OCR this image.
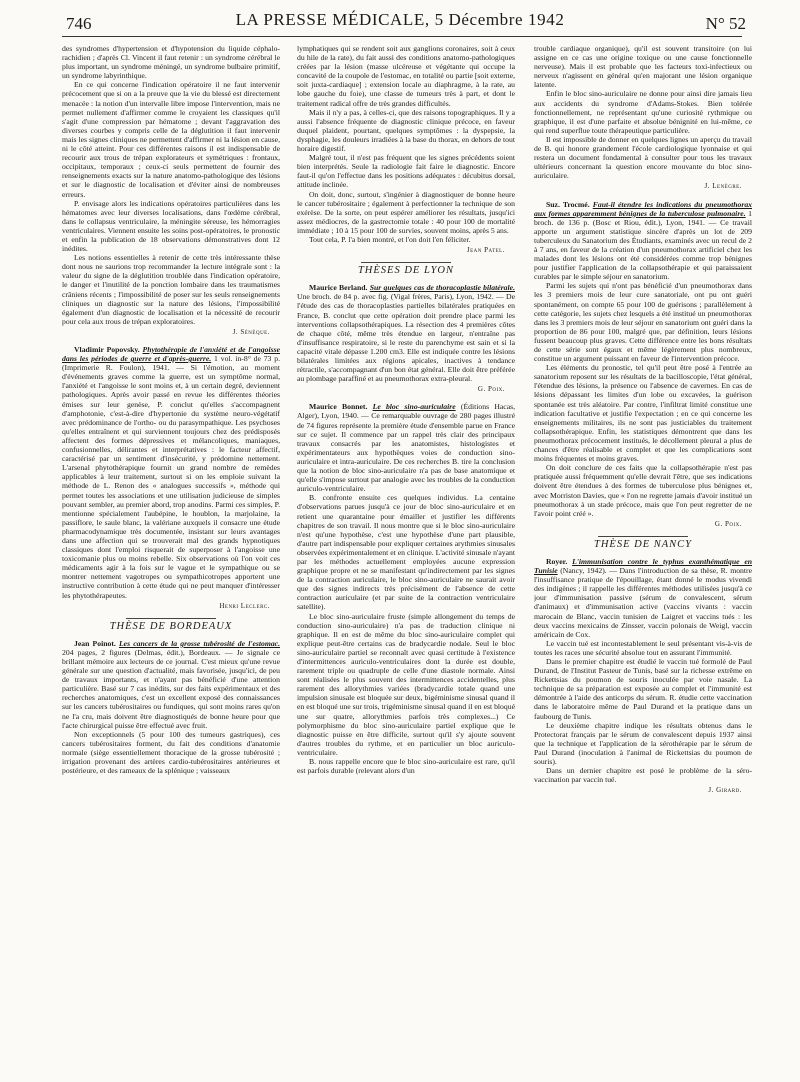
746	LA PRESSE MÉDICALE, 5 Décembre 1942	N° 52

des syndromes d'hypertension et d'hypotension du liquide céphalo-rachidien ; d'après Cl. Vincent il faut retenir : un syndrome cérébral le plus important, un syndrome méningé, un syndrome bulbaire primitif, un syndrome labyrinthique.

En ce qui concerne l'indication opératoire il ne faut intervenir précocement que si on a la preuve que la vie du blessé est directement menacée : la notion d'un intervalle libre impose l'intervention, mais ne permet nullement d'affirmer comme le croyaient les classiques qu'il s'agit d'une compression par hématome ; devant l'aggravation des diverses courbes y compris celle de la déglutition il faut intervenir mais les signes cliniques ne permettent d'affirmer ni la lésion en cause, ni le côté atteint. Pour ces différentes raisons il est indispensable de recourir aux trous de trépan explorateurs et symétriques : frontaux, occipitaux, temporaux ; ceux-ci seuls permettent de fournir des renseignements exacts sur la nature anatomo-pathologique des lésions et sur le diagnostic de localisation et d'éviter ainsi de nombreuses erreurs.

P. envisage alors les indications opératoires particulières dans les hématomes avec leur diverses localisations, dans l'œdème cérébral, dans le collapsus ventriculaire, la méningite séreuse, les hémorragies ventriculaires. Viennent ensuite les soins post-opératoires, le pronostic et enfin la publication de 18 observations démonstratives dont 12 inédites.

Les notions essentielles à retenir de cette très intéressante thèse dont nous ne saurions trop recommander la lecture intégrale sont : la valeur du signe de la déglutition troublée dans l'indication opératoire, le danger et l'inutilité de la ponction lombaire dans les traumatismes crâniens récents ; l'impossibilité de poser sur les seuls renseignements cliniques un diagnostic sur la nature des lésions, l'impossibilité également d'un diagnostic de localisation et la nécessité de recourir pour cela aux trous de trépan exploratoires.

J. Sénèque.

Vladimir Popovsky. Phytothérapie de l'anxiété et de l'angoisse dans les périodes de guerre et d'après-guerre. 1 vol. in-8° de 73 p. (Imprimerie R. Foulon), 1941. — Si l'émotion, au moment d'événements graves comme la guerre, est un symptôme normal, l'anxiété et l'angoisse le sont moins et, à un certain degré, deviennent pathologiques. Après avoir passé en revue les différentes théories émises sur leur genèse, P. conclut qu'elles s'accompagnent d'amphotonie, c'est-à-dire d'hypertonie du système neuro-végétatif avec prédominance de l'ortho- ou du parasympathique. Les psychoses qu'elles entraînent et qui surviennent toujours chez des prédisposés affectent des formes dépressives et mélancoliques, maniaques, confusionnelles, délirantes et interprétatives : le facteur affectif, caractérisé par un sentiment d'insécurité, y prédomine nettement. L'arsenal phytothérapique fournit un grand nombre de remèdes applicables à leur traitement, surtout si on les emploie suivant la méthode de L. Renon des « analogues successifs », méthode qui permet toutes les associations et une utilisation judicieuse de simples pouvant sembler, au premier abord, trop anodins. Parmi ces simples, P. mentionne spécialement l'aubépine, le houblon, la marjolaine, la passiflore, le saule blanc, la valériane auxquels il consacre une étude pharmacodynamique très documentée, insistant sur leurs avantages dans une affection qui se trouverait mal des grands hypnotiques classiques dont l'emploi risquerait de superposer à l'angoisse une toxicomanie plus ou moins rebelle. Six observations où l'on voit ces médicaments agir à la fois sur le vague et le sympathique ou se montrer nettement vagotropes ou sympathicotropes apportent une instructive contribution à cette étude qui ne peut manquer d'intéresser les phytothérapeutes.

Henri Leclerc.
THÈSE DE BORDEAUX

Jean Poinot. Les cancers de la grosse tubérosité de l'estomac. 204 pages, 2 figures (Delmas, édit.), Bordeaux. — Je signale ce brillant mémoire aux lecteurs de ce journal. C'est mieux qu'une revue générale sur une question d'actualité, mais favorisée, jusqu'ici, de peu de travaux importants, et n'ayant pas bénéficié d'une attention particulière. Basé sur 7 cas inédits, sur des faits expérimentaux et des recherches anatomiques, c'est un excellent exposé des connaissances sur les cancers tubérositaires ou fundiques, qui sont moins rares qu'on ne l'a cru, mais doivent être diagnostiqués de bonne heure pour que l'acte chirurgical puisse être effectué avec fruit.

Non exceptionnels (5 pour 100 des tumeurs gastriques), ces cancers tubérositaires forment, du fait des conditions d'anatomie normale (siège essentiellement thoracique de la grosse tubérosité ; irrigation provenant des artères cardio-tubérositaires antérieures et postérieure, et des rameaux de la splénique ; vaisseaux

lymphatiques qui se rendent soit aux ganglions coronaires, soit à ceux du hile de la rate), du fait aussi des conditions anatomo-pathologiques créées par la lésion (masse ulcéreuse et végétante qui occupe la concavité de la coupole de l'estomac, en totalité ou partie [soit externe, soit juxta-cardiaque] ; extension locale au diaphragme, à la rate, au lobe gauche du foie), une classe de tumeurs très à part, et dont le traitement radical offre de très grandes difficultés.

Mais il n'y a pas, à celles-ci, que des raisons topographiques. Il y a aussi l'absence fréquente de diagnostic clinique précoce, en faveur duquel plaident, pourtant, quelques symptômes : la dyspepsie, la dysphagie, les douleurs irradiées à la base du thorax, en dehors de tout horaire digestif.

Malgré tout, il n'est pas fréquent que les signes précédents soient bien interprétés. Seule la radiologie fait faire le diagnostic. Encore faut-il qu'on l'effectue dans les positions adéquates : décubitus dorsal, attitude inclinée.

On doit, donc, surtout, s'ingénier à diagnostiquer de bonne heure le cancer tubérositaire ; également à perfectionner la technique de son exérèse. De la sorte, on peut espérer améliorer les résultats, jusqu'ici assez médiocres, de la gastrectomie totale : 40 pour 100 de mortalité immédiate ; 10 à 15 pour 100 de survies, souvent moins, après 5 ans.

Tout cela, P. l'a bien montré, et l'on doit l'en féliciter.

Jean Patel.
THÈSES DE LYON

Maurice Berland. Sur quelques cas de thoracoplastie bilatérale. Une broch. de 84 p. avec fig. (Vigal frères, Paris), Lyon, 1942. — De l'étude des cas de thoracoplasties partielles bilatérales pratiquées en France, B. conclut que cette opération doit prendre place parmi les interventions collapsothérapiques. La résection des 4 premières côtes de chaque côté, même très étendue en largeur, n'entraîne pas d'insuffisance respiratoire, si le reste du parenchyme est sain et si la capacité vitale dépasse 1.200 cm3. Elle est indiquée contre les lésions bilatérales limitées aux régions apicales, inactives à tendance rétractile, s'accompagnant d'un bon état général. Elle doit être préférée au plombage paraffiné et au pneumothorax extra-pleural.

G. Poix.

Maurice Bonnet. Le bloc sino-auriculaire (Éditions Hacas, Alger), Lyon, 1940. — Ce remarquable ouvrage de 280 pages illustré de 74 figures représente la première étude d'ensemble parue en France sur ce sujet. Il commence par un rappel très clair des principaux travaux consacrés par les anatomistes, histologistes et expérimentateurs aux hypothèques voies de conduction sino-auriculaire et intra-auriculaire. De ces recherches B. tire la conclusion que la notion de bloc sino-auriculaire n'a pas de base anatomique et qu'elle s'impose surtout par analogie avec les troubles de la conduction auriculo-ventriculaire.

B. confronte ensuite ces quelques individus. La centaine d'observations parues jusqu'à ce jour de bloc sino-auriculaire et en retient une quarantaine pour émailler et justifier les différents chapitres de son travail. Il nous montre que si le bloc sino-auriculaire n'est qu'une hypothèse, c'est une hypothèse d'une part plausible, d'autre part indispensable pour expliquer certaines arythmies sinusales observées expérimentalement et en clinique. L'activité sinusale n'ayant par les méthodes actuellement employées aucune expression graphique propre et ne se manifestant qu'indirectement par les signes de la contraction auriculaire, le bloc sino-auriculaire ne saurait avoir que des signes indirects très précisément de l'absence de cette contraction auriculaire (et par suite de la contraction ventriculaire satellite).

Le bloc sino-auriculaire fruste (simple allongement du temps de conduction sino-auriculaire) n'a pas de traduction clinique ni graphique. Il en est de même du bloc sino-auriculaire complet qui explique peut-être certains cas de bradycardie nodale. Seul le bloc sino-auriculaire partiel se reconnaît avec quasi certitude à l'existence d'intermittences auriculo-ventriculaires dont la durée est double, rarement triple ou quadruple de celle d'une diastole normale. Ainsi sont réalisées le plus souvent des intermittences accidentelles, plus rarement des allorythmies variées (bradycardie totale quand une impulsion sinusale est bloquée sur deux, bigéminisme sinusal quand il en est bloqué une sur trois, trigéminisme sinusal quand il en est bloqué une sur quatre, allorythmies parfois très complexes...) Ce polymorphisme du bloc sino-auriculaire partiel explique que le diagnostic puisse en être difficile, surtout qu'il s'y ajoute souvent d'autres troubles du rythme, et en particulier un bloc auriculo-ventriculaire.

B. nous rappelle encore que le bloc sino-auriculaire est rare, qu'il est parfois durable (relevant alors d'un

trouble cardiaque organique), qu'il est souvent transitoire (on lui assigne en ce cas une origine toxique ou une cause fonctionnelle nerveuse). Mais il est probable que les facteurs toxi-infectieux ou nerveux n'agissent en général qu'en majorant une lésion organique latente.

Enfin le bloc sino-auriculaire ne donne pour ainsi dire jamais lieu aux accidents du syndrome d'Adams-Stokes. Bien tolérée fonctionnellement, ne représentant qu'une curiosité rythmique ou graphique, il est d'une parfaite et absolue bénignité en lui-même, ce qui rend superflue toute thérapeutique particulière.

Il est impossible de donner en quelques lignes un aperçu du travail de B. qui honore grandement l'école cardiologique lyonnaise et qui restera un document fondamental à consulter pour tous les travaux ultérieurs concernant la question encore mouvante du bloc sino-auriculaire.

J. Lenègre.

Suz. Trocmé. Faut-il étendre les indications du pneumothorax aux formes apparemment bénignes de la tuberculose pulmonaire. 1 broch. de 136 p. (Bosc et Riou, édit.), Lyon, 1941. — Ce travail apporte un argument statistique sincère d'après un lot de 209 tuberculeux du Sanatorium des Étudiants, examinés avec un recul de 2 à 7 ans, en faveur de la création d'un pneumothorax artificiel chez les malades dont les lésions ont été considérées comme trop bénignes pour justifier l'application de la collapsothérapie et qui paraissaient curables par le simple séjour en sanatorium.

Parmi les sujets qui n'ont pas bénéficié d'un pneumothorax dans les 3 premiers mois de leur cure sanatoriale, ont pu ont guéri spontanément, on compte 65 pour 100 de guérisons ; parallèlement à cette catégorie, les sujets chez lesquels a été institué un pneumothorax dans les 3 premiers mois de leur séjour en sanatorium ont guéri dans la proportion de 86 pour 100, malgré que, par définition, leurs lésions fussent beaucoup plus graves. Cette différence entre les bons résultats de cette série sont égaux et même légèrement plus nombreux, constitue un argument puissant en faveur de l'intervention précoce.

Les éléments du pronostic, tel qu'il peut être posé à l'entrée au sanatorium reposent sur les résultats de la bacilloscopie, l'état général, l'étendue des lésions, la présence ou l'absence de cavernes. En cas de lésions dépassant les limites d'un lobe ou excavées, la guérison spontanée est très aléatoire. Par contre, l'infiltrat limité constitue une indication facultative et justifie l'expectation ; en ce qui concerne les enseignements militaires, ils ne sont pas justiciables du traitement collapsothérapique. Enfin, les statistiques démontrent que dans les pneumothorax précocement institués, le décollement pleural a plus de chances d'être réalisable et complet et que les complications sont moins fréquentes et moins graves.

On doit conclure de ces faits que la collapsothérapie n'est pas pratiquée aussi fréquemment qu'elle devrait l'être, que ses indications doivent être étendues à des formes de tuberculose plus bénignes et, avec Morriston Davies, que « l'on ne regrette jamais d'avoir institué un pneumothorax à un stade précoce, mais que l'on peut regretter de ne l'avoir point créé ».

G. Poix.
THÈSE DE NANCY

Royer. L'immunisation contre le typhus exanthématique en Tunisie (Nancy, 1942). — Dans l'introduction de sa thèse, R. montre l'insuffisance pratique de l'épouillage, étant donné le modus vivendi des indigènes ; il rappelle les différentes méthodes utilisées jusqu'à ce jour d'immunisation passive (sérum de convalescent, sérum d'animaux) et d'immunisation active (vaccins vivants : vaccin marocain de Blanc, vaccin tunisien de Laigret et vaccins tués : les deux vaccins mexicains de Zinsser, vaccin polonais de Weigl, vaccin américain de Cox.

Le vaccin tué est incontestablement le seul présentant vis-à-vis de toutes les races une sécurité absolue tout en assurant l'immunité.

Dans le premier chapitre est étudié le vaccin tué formolé de Paul Durand, de l'Institut Pasteur de Tunis, basé sur la richesse extrême en Rickettsias du poumon de souris inoculée par voie nasale. La technique de sa préparation est exposée au complet et l'immunité est démontrée à l'aide des anticorps du sérum. R. étudie cette vaccination dans le laboratoire même de Paul Durand et la pratique dans un faubourg de Tunis.

Le deuxième chapitre indique les résultats obtenus dans le Protectorat français par le sérum de convalescent depuis 1937 ainsi que la technique et l'application de la sérothérapie par le sérum de Paul Durand (inoculation à l'animal de Rickettsias du poumon de souris).

Dans un dernier chapitre est posé le problème de la séro-vaccination par vaccin tué.

J. Girard.
